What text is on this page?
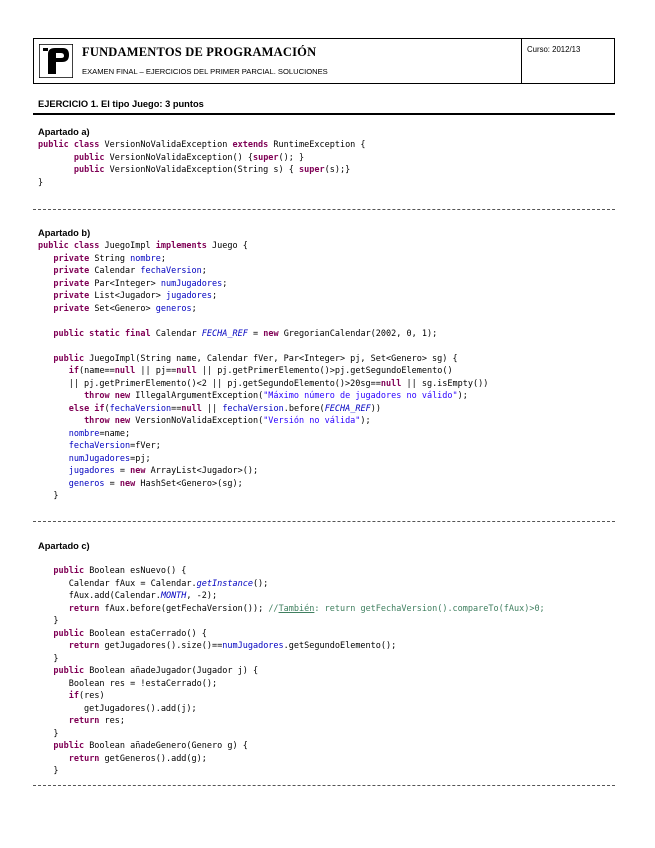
FUNDAMENTOS DE PROGRAMACIÓN
EXAMEN FINAL – EJERCICIOS DEL PRIMER PARCIAL. SOLUCIONES
Curso: 2012/13
EJERCICIO 1. El tipo Juego: 3 puntos
Apartado a)
public class VersionNoValidaException extends RuntimeException {
public VersionNoValidaException() {super(); }
public VersionNoValidaException(String s) { super(s);}
}
Apartado b)
public class JuegoImpl implements Juego {
private String nombre;
private Calendar fechaVersion;
private Par<Integer> numJugadores;
private List<Jugador> jugadores;
private Set<Genero> generos;
public static final Calendar FECHA_REF = new GregorianCalendar(2002, 0, 1);
public JuegoImpl(String name, Calendar fVer, Par<Integer> pj, Set<Genero> sg) {
if(name==null || pj==null || pj.getPrimerElemento()>pj.getSegundoElemento()
|| pj.getPrimerElemento()<2 || pj.getSegundoElemento()>20sg==null || sg.isEmpty())
throw new IllegalArgumentException("Máximo número de jugadores no válido");
else if(fechaVersion==null || fechaVersion.before(FECHA_REF))
throw new VersionNoValidaException("Versión no válida");
nombre=name;
fechaVersion=fVer;
numJugadores=pj;
jugadores = new ArrayList<Jugador>();
generos = new HashSet<Genero>(sg);
}
Apartado c)
public Boolean esNuevo() {
Calendar fAux = Calendar.getInstance();
fAux.add(Calendar.MONTH, -2);
return fAux.before(getFechaVersion()); //También: return getFechaVersion().compareTo(fAux)>0;
}
public Boolean estaCerrado() {
return getJugadores().size()==numJugadores.getSegundoElemento();
}
public Boolean añadeJugador(Jugador j) {
Boolean res = !estaCerrado();
if(res)
getJugadores().add(j);
return res;
}
public Boolean añadeGenero(Genero g) {
return getGeneros().add(g);
}
